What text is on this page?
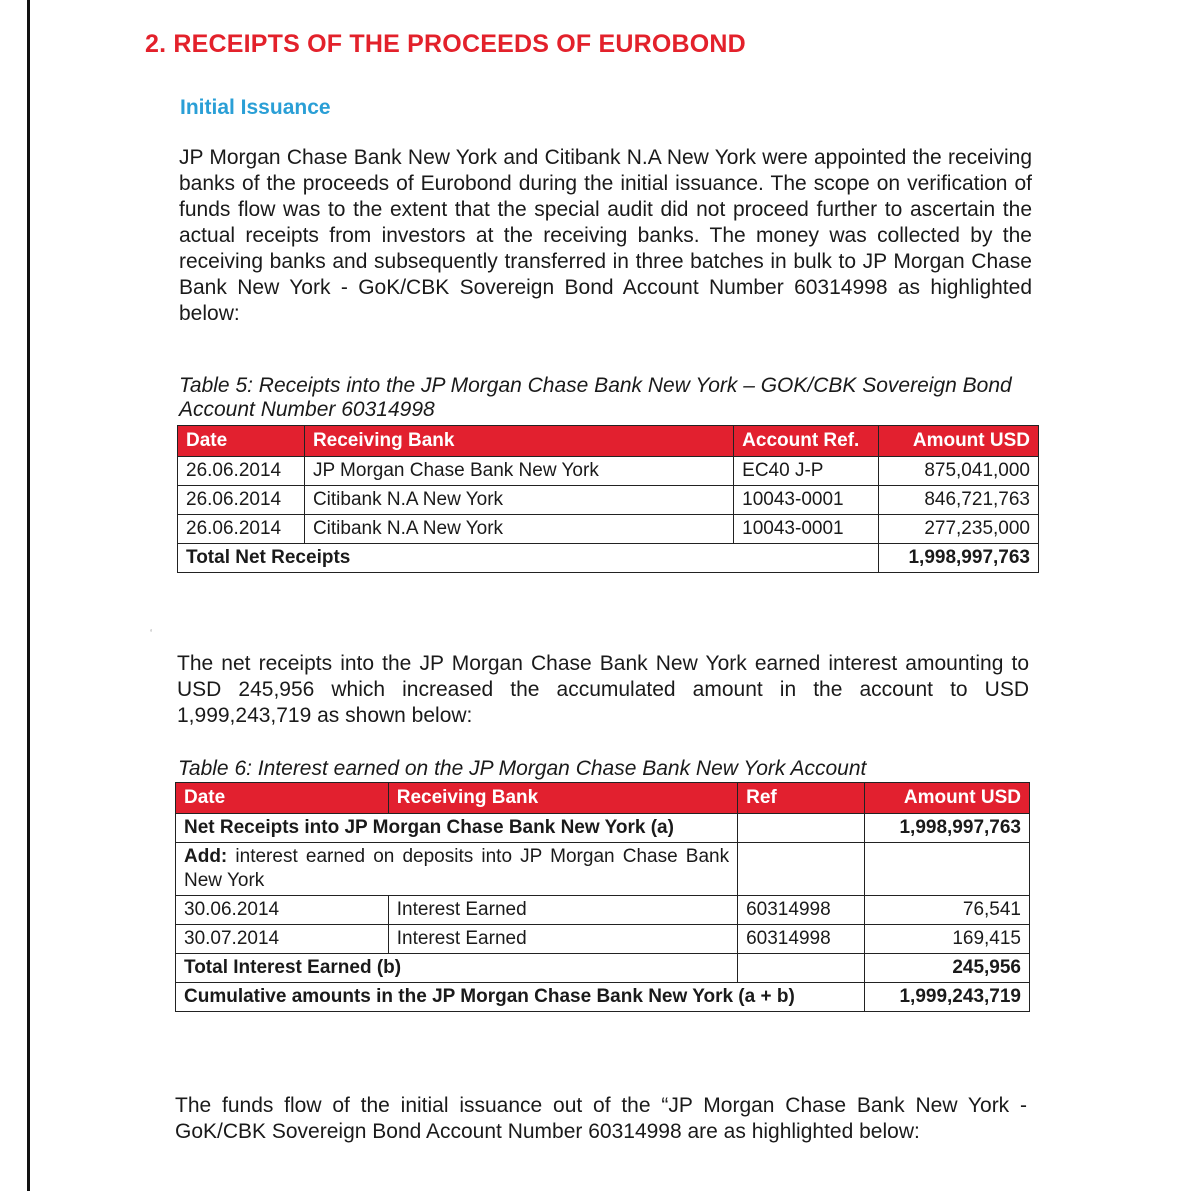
2. RECEIPTS OF THE PROCEEDS OF EUROBOND
Initial Issuance

JP Morgan Chase Bank New York and Citibank N.A New York were appointed the receiving banks of the proceeds of Eurobond during the initial issuance. The scope on verification of funds flow was to the extent that the special audit did not proceed further to ascertain the actual receipts from investors at the receiving banks. The money was collected by the receiving banks and subsequently transferred in three batches in bulk to JP Morgan Chase Bank New York - GoK/CBK Sovereign Bond Account Number 60314998 as highlighted below:

Table 5: Receipts into the JP Morgan Chase Bank New York – GOK/CBK Sovereign Bond Account Number 60314998

Date	Receiving Bank	Account Ref.	Amount USD
26.06.2014	JP Morgan Chase Bank New York	EC40 J-P	875,041,000
26.06.2014	Citibank N.A New York	10043-0001	846,721,763
26.06.2014	Citibank N.A New York	10043-0001	277,235,000
Total Net Receipts			1,998,997,763
‘

The net receipts into the JP Morgan Chase Bank New York earned interest amounting to USD 245,956 which increased the accumulated amount in the account to USD 1,999,243,719 as shown below:

Table 6: Interest earned on the JP Morgan Chase Bank New York Account

Date	Receiving Bank	Ref	Amount USD
Net Receipts into JP Morgan Chase Bank New York (a)			1,998,997,763
Add: interest earned on deposits into JP Morgan Chase Bank New York			
30.06.2014	Interest Earned	60314998	76,541
30.07.2014	Interest Earned	60314998	169,415
Total Interest Earned (b)			245,956
Cumulative amounts in the JP Morgan Chase Bank New York (a + b)			1,999,243,719

The funds flow of the initial issuance out of the “JP Morgan Chase Bank New York - GoK/CBK Sovereign Bond Account Number 60314998 are as highlighted below:
